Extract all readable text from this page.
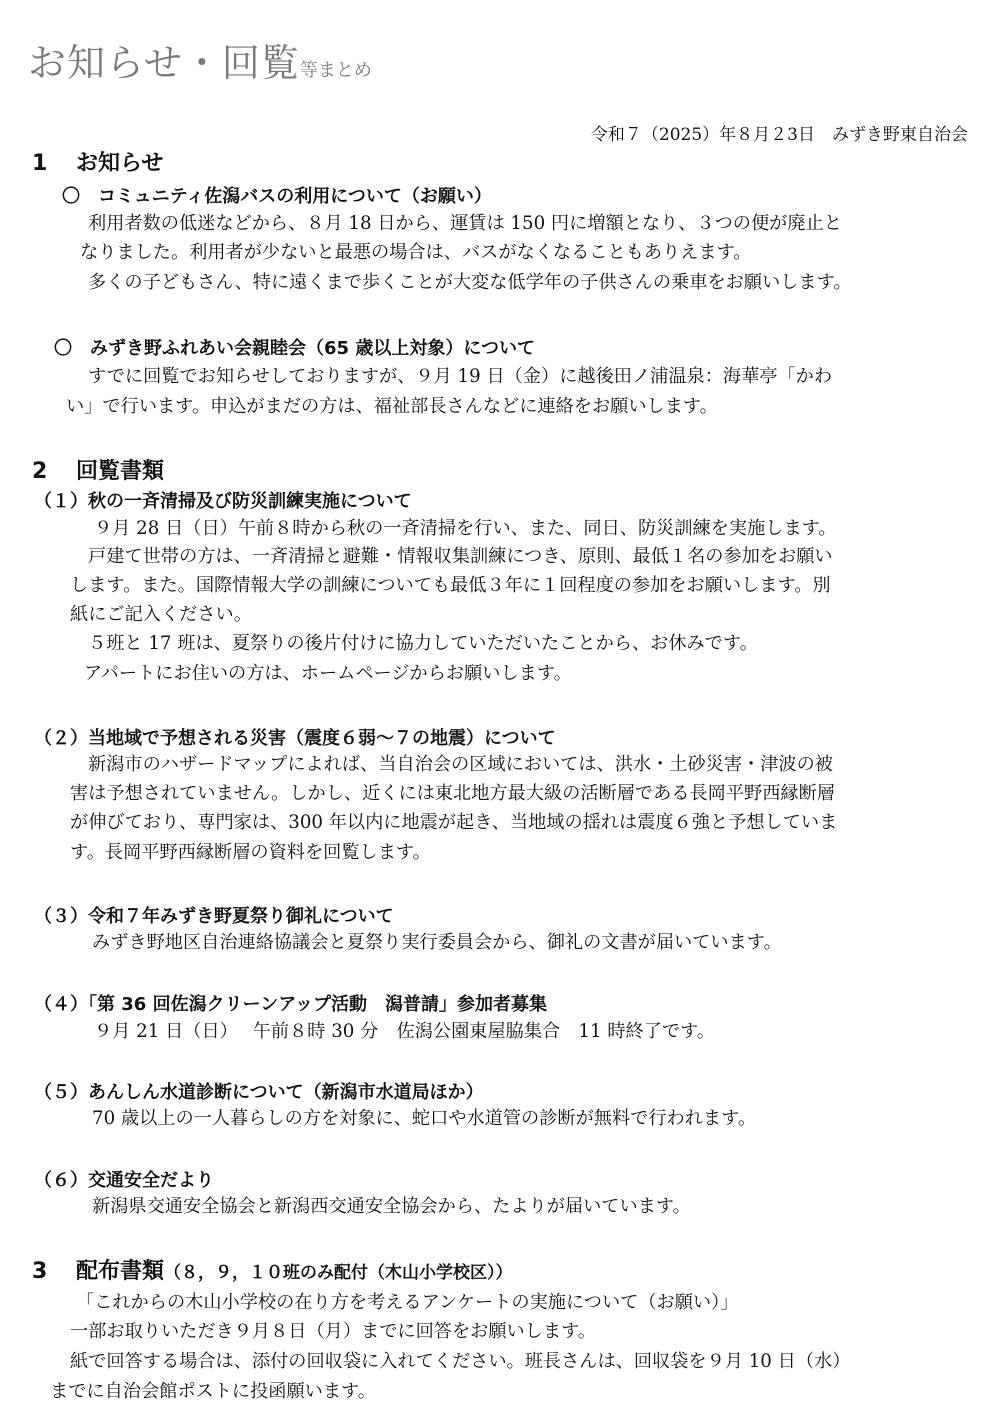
お知らせ・回覧等まとめ
令和７（2025）年８月２3日　みずき野東自治会
1 お知らせ
〇　コミュニティ佐潟バスの利用について（お願い）
利用者数の低迷などから、８月 18 日から、運賃は 150 円に増額となり、３つの便が廃止と
なりました。利用者が少ないと最悪の場合は、バスがなくなることもありえます。
多くの子どもさん、特に遠くまで歩くことが大変な低学年の子供さんの乗車をお願いします。
〇　みずき野ふれあい会親睦会（65 歳以上対象）について
すでに回覧でお知らせしておりますが、９月 19 日（金）に越後田ノ浦温泉：海華亭「かわ
い」で行います。申込がまだの方は、福祉部長さんなどに連絡をお願いします。
2 回覧書類
（１）秋の一斉清掃及び防災訓練実施について
９月 28 日（日）午前８時から秋の一斉清掃を行い、また、同日、防災訓練を実施します。
戸建て世帯の方は、一斉清掃と避難・情報収集訓練につき、原則、最低１名の参加をお願い
します。また。国際情報大学の訓練についても最低３年に１回程度の参加をお願いします。別
紙にご記入ください。
５班と 17 班は、夏祭りの後片付けに協力していただいたことから、お休みです。
アパートにお住いの方は、ホームページからお願いします。
（２）当地域で予想される災害（震度６弱～７の地震）について
新潟市のハザードマップによれば、当自治会の区域においては、洪水・土砂災害・津波の被
害は予想されていません。しかし、近くには東北地方最大級の活断層である長岡平野西縁断層
が伸びており、専門家は、300 年以内に地震が起き、当地域の揺れは震度６強と予想していま
す。長岡平野西縁断層の資料を回覧します。
（３）令和７年みずき野夏祭り御礼について
みずき野地区自治連絡協議会と夏祭り実行委員会から、御礼の文書が届いています。
（４）「第 36 回佐潟クリーンアップ活動　潟普請」参加者募集
９月 21 日（日）　 午前８時 30 分　佐潟公園東屋脇集合　11 時終了です。
（５）あんしん水道診断について（新潟市水道局ほか）
70 歳以上の一人暮らしの方を対象に、蛇口や水道管の診断が無料で行われます。
（６）交通安全だより
新潟県交通安全協会と新潟西交通安全協会から、たよりが届いています。
3 配布書類（８，９，１０班のみ配付（木山小学校区））
「これからの木山小学校の在り方を考えるアンケートの実施について（お願い）」
一部お取りいただき９月８日（月）までに回答をお願いします。
紙で回答する場合は、添付の回収袋に入れてください。班長さんは、回収袋を９月 10 日（水）
までに自治会館ポストに投函願います。
